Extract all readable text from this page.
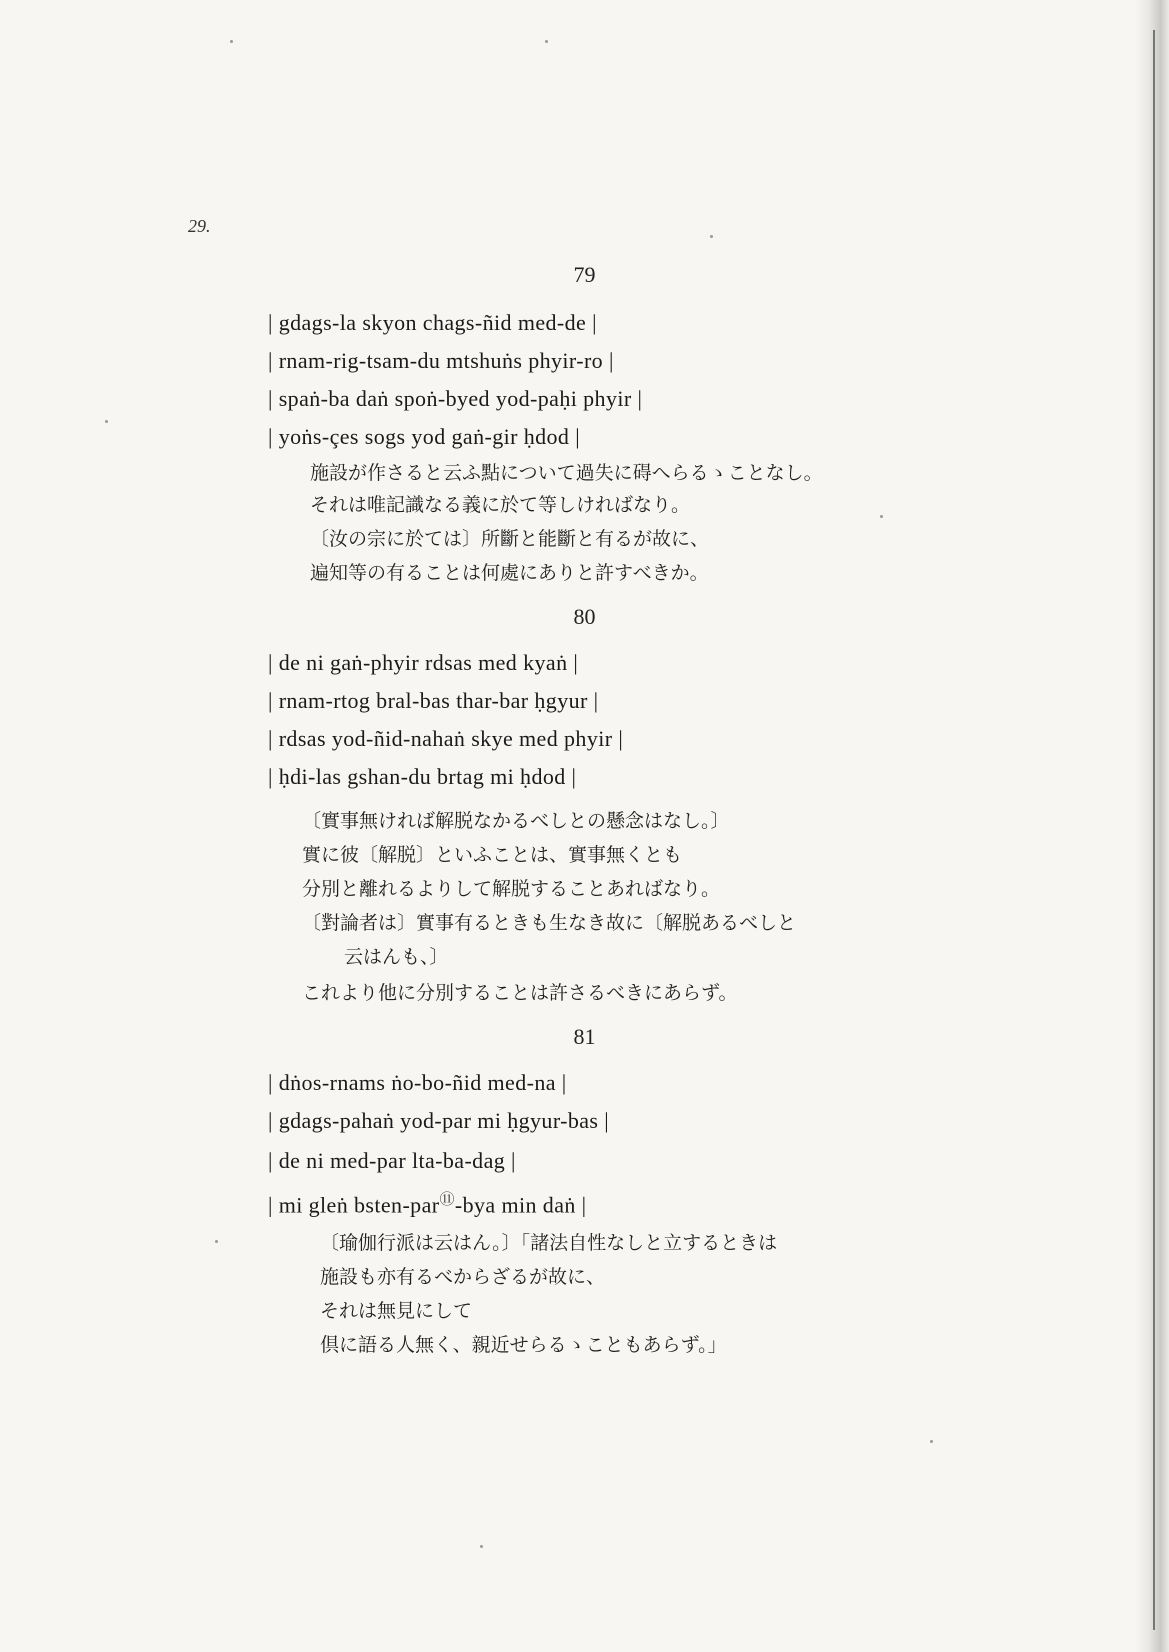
29.
79
| gdags-la skyon chags-ñid med-de |
| rnam-rig-tsam-du mtshuṅs phyir-ro |
| spaṅ-ba daṅ spoṅ-byed yod-paḥi phyir |
| yoṅs-çes sogs yod gaṅ-gir ḥdod |
施設が作さると云ふ點について過失に碍へらるゝことなし。
それは唯記識なる義に於て等しければなり。
〔汝の宗に於ては〕所斷と能斷と有るが故に、
遍知等の有ることは何處にありと許すべきか。
80
| de ni gaṅ-phyir rdsas med kyaṅ |
| rnam-rtog bral-bas thar-bar ḥgyur |
| rdsas yod-ñid-nahaṅ skye med phyir |
| ḥdi-las gshan-du brtag mi ḥdod |
〔實事無ければ解脱なかるべしとの懸念はなし。〕
實に彼〔解脱〕といふことは、實事無くとも
分別と離れるよりして解脱することあればなり。
〔對論者は〕實事有るときも生なき故に〔解脱あるべしと
云はんも、〕
これより他に分別することは許さるべきにあらず。
81
| dṅos-rnams ṅo-bo-ñid med-na |
| gdags-pahaṅ yod-par mi ḥgyur-bas |
| de ni med-par lta-ba-dag |
| mi gleṅ bsten-par⑪-bya min daṅ |
〔瑜伽行派は云はん。〕「諸法自性なしと立するときは
施設も亦有るべからざるが故に、
それは無見にして
倶に語る人無く、親近せらるゝこともあらず。」
